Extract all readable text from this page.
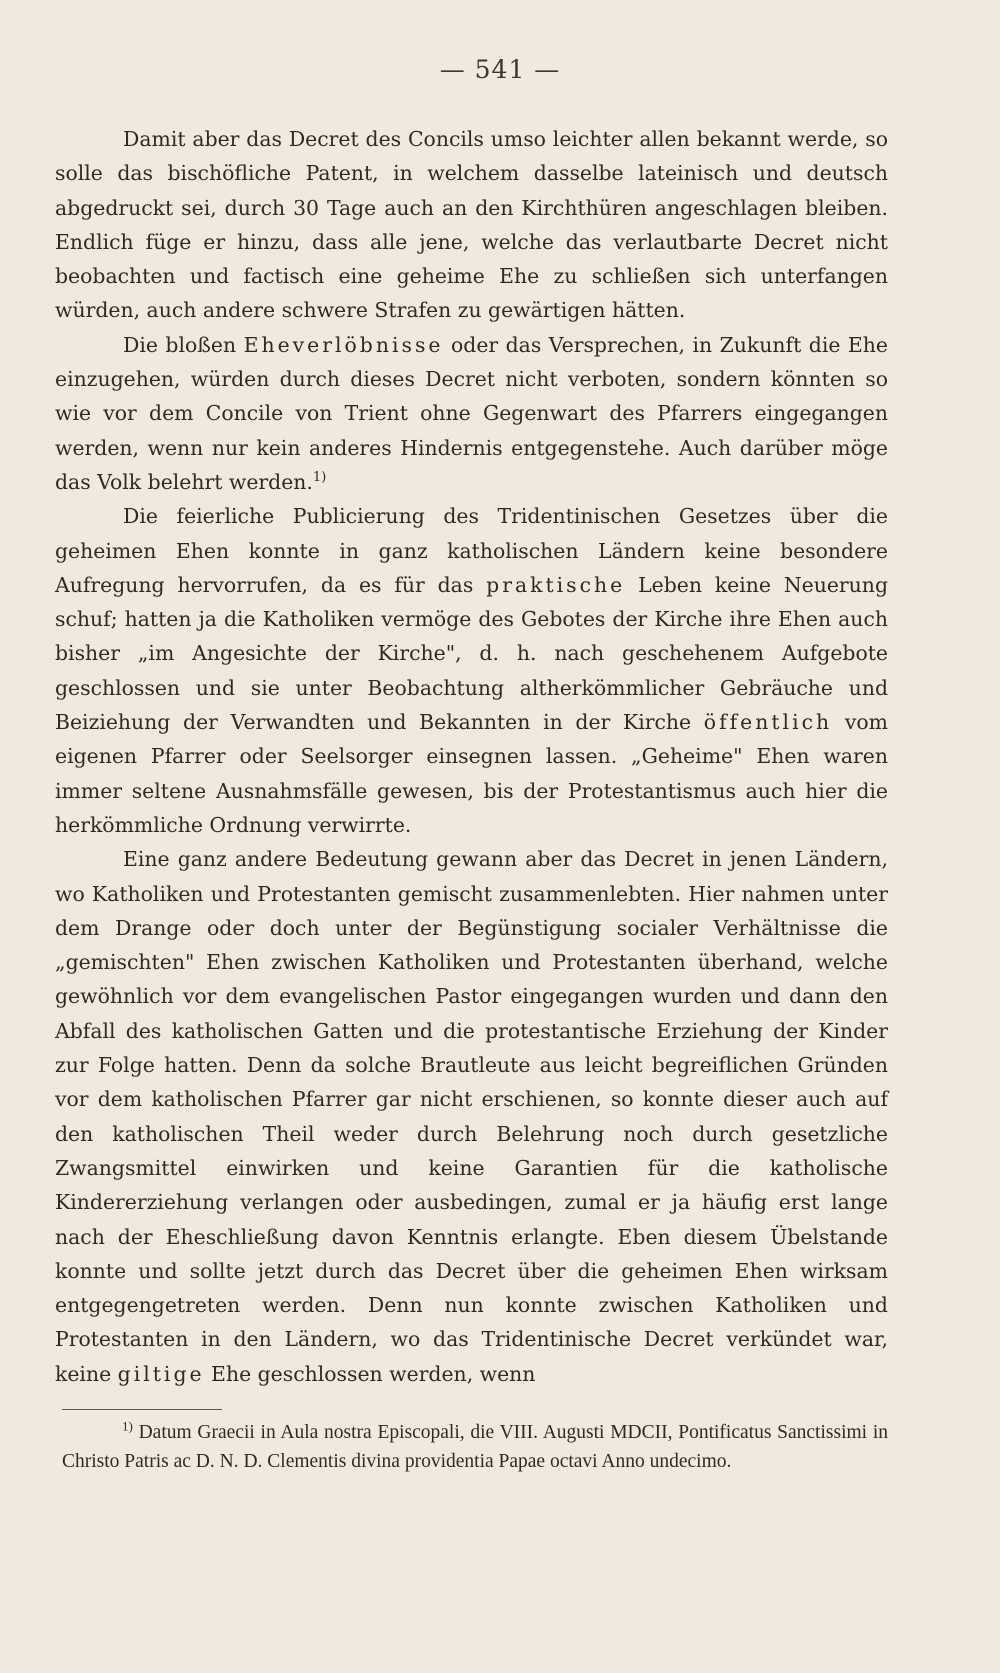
— 541 —

Damit aber das Decret des Concils umso leichter allen bekannt werde, so solle das bischöfliche Patent, in welchem dasselbe lateinisch und deutsch abgedruckt sei, durch 30 Tage auch an den Kirchthüren angeschlagen bleiben. Endlich füge er hinzu, dass alle jene, welche das verlautbarte Decret nicht beobachten und factisch eine geheime Ehe zu schließen sich unterfangen würden, auch andere schwere Strafen zu gewärtigen hätten.

Die bloßen Eheverlöbnisse oder das Versprechen, in Zukunft die Ehe einzugehen, würden durch dieses Decret nicht verboten, sondern könnten so wie vor dem Concile von Trient ohne Gegenwart des Pfarrers eingegangen werden, wenn nur kein anderes Hindernis entgegenstehe. Auch darüber möge das Volk belehrt werden.$^{1)}$

Die feierliche Publicierung des Tridentinischen Gesetzes über die geheimen Ehen konnte in ganz katholischen Ländern keine besondere Aufregung hervorrufen, da es für das praktische Leben keine Neuerung schuf; hatten ja die Katholiken vermöge des Gebotes der Kirche ihre Ehen auch bisher „im Angesichte der Kirche", d. h. nach geschehenem Aufgebote geschlossen und sie unter Beobachtung altherkömmlicher Gebräuche und Beiziehung der Verwandten und Bekannten in der Kirche öffentlich vom eigenen Pfarrer oder Seelsorger einsegnen lassen. „Geheime" Ehen waren immer seltene Ausnahmsfälle gewesen, bis der Protestantismus auch hier die herkömmliche Ordnung verwirrte.

Eine ganz andere Bedeutung gewann aber das Decret in jenen Ländern, wo Katholiken und Protestanten gemischt zusammenlebten. Hier nahmen unter dem Drange oder doch unter der Begünstigung socialer Verhältnisse die „gemischten" Ehen zwischen Katholiken und Protestanten überhand, welche gewöhnlich vor dem evangelischen Pastor eingegangen wurden und dann den Abfall des katholischen Gatten und die protestantische Erziehung der Kinder zur Folge hatten. Denn da solche Brautleute aus leicht begreiflichen Gründen vor dem katholischen Pfarrer gar nicht erschienen, so konnte dieser auch auf den katholischen Theil weder durch Belehrung noch durch gesetzliche Zwangsmittel einwirken und keine Garantien für die katholische Kindererziehung verlangen oder ausbedingen, zumal er ja häufig erst lange nach der Eheschließung davon Kenntnis erlangte. Eben diesem Übelstande konnte und sollte jetzt durch das Decret über die geheimen Ehen wirksam entgegengetreten werden. Denn nun konnte zwischen Katholiken und Protestanten in den Ländern, wo das Tridentinische Decret verkündet war, keine giltige Ehe geschlossen werden, wenn

$^{1)}$ Datum Graecii in Aula nostra Episcopali, die VIII. Augusti MDCII, Pontificatus Sanctissimi in Christo Patris ac D. N. D. Clementis divina providentia Papae octavi Anno undecimo.
